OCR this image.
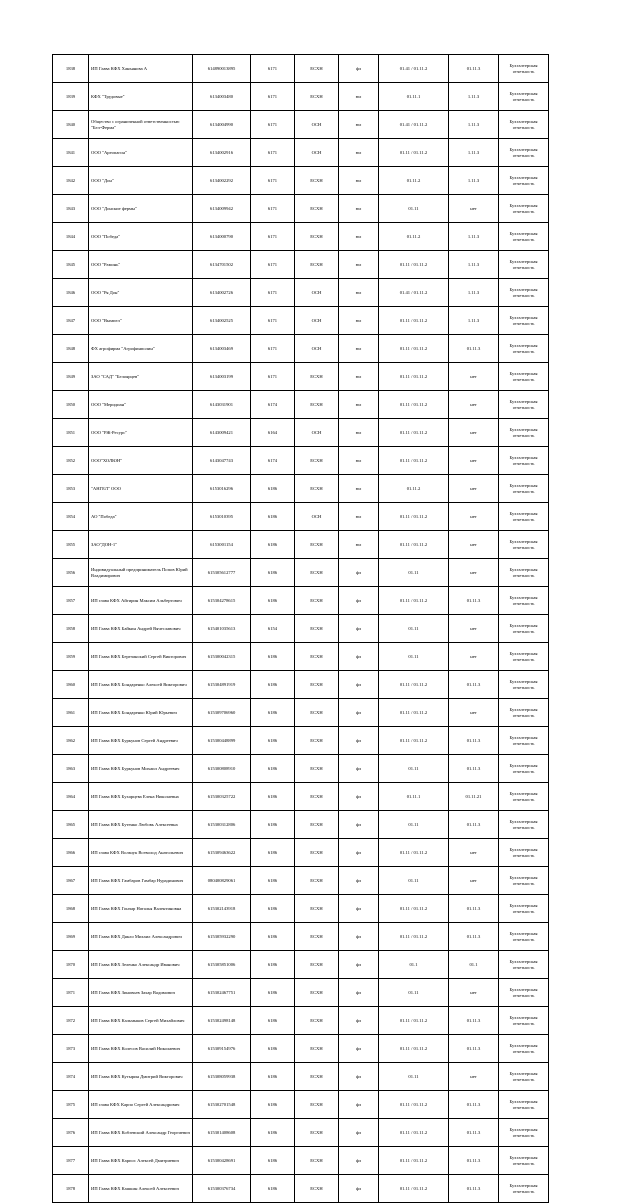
1838	ИП Глава КФХ Ханьянова А	614890013895	6171	ЕСХН	фл	01.41 / 01.11.2	01.11.3	Бухгалтерская отчетность
1839	КФХ "Трудовые"	6134003480	6171	ЕСХН	юл	01.11.1	1.11.3	Бухгалтерская отчетность
1840	Общество с ограниченной ответственностью "Бел-Ферма"	6134004990	6171	ОСН	юл	01.41 / 01.11.2	1.11.3	Бухгалтерская отчетность
1841	ООО "Ареопагон"	6134002916	6171	ОСН	юл	01.11 / 01.11.2	1.11.3	Бухгалтерская отчетность
1842	ООО "Дон"	6134002292	6171	ЕСХН	юл	01.11.2	1.11.3	Бухгалтерская отчетность
1843	ООО "Донские фермы"	6134009942	6171	ЕСХН	юл	01.11	нет	Бухгалтерская отчетность
1844	ООО "Победа"	6134000790	6171	ЕСХН	юл	01.11.2	1.11.3	Бухгалтерская отчетность
1845	ООО "Рамонь"	6134701502	6171	ЕСХН	юл	01.11 / 01.11.2	1.11.3	Бухгалтерская отчетность
1846	ООО "Ря Дон"	6134002726	6171	ОСН	юл	01.41 / 01.11.2	1.11.3	Бухгалтерская отчетность
1847	ООО "Вымпел"	6134002525	6171	ОСН	юл	01.11 / 01.11.2	1.11.3	Бухгалтерская отчетность
1848	ФХ агрофирма "Агрофинполин"	6134003469	6171	ОСН	юл	01.11 / 01.11.2	01.11.3	Бухгалтерская отчетность
1849	ЗАО "САД" "Белоярцев"	6134003199	6171	ЕСХН	юл	01.11 / 01.11.2	нет	Бухгалтерская отчетность
1850	ООО "Меридиан"	6143031901	6174	ЕСХН	юл	01.11 / 01.11.2	нет	Бухгалтерская отчетность
1851	ООО "РЖ-Ресурс"	6143009421	6164	ОСН	юл	01.11 / 01.11.2	нет	Бухгалтерская отчетность
1852	ООО"ХОЛЮН"	6143047743	6174	ЕСХН	юл	01.11 / 01.11.2	нет	Бухгалтерская отчетность
1853	"АНГЕЛ" ООО	6153016296	6186	ЕСХН	юл	01.11.2	нет	Бухгалтерская отчетность
1854	АО "Победа"	6153010395	6186	ОСН	юл	01.11 / 01.11.2	нет	Бухгалтерская отчетность
1855	ЗАО"ДОН-1"	6153001154	6186	ЕСХН	юл	01.11 / 01.11.2	нет	Бухгалтерская отчетность
1856	Индивидуальный предприниматель Попов Юрий Владимирович	615305612777	6186	ЕСХН	фл	01.11	нет	Бухгалтерская отчетность
1857	ИП глава КФХ Айгирин Максим Альбертович	615304278615	6186	ЕСХН	фл	01.11 / 01.11.2	01.11.3	Бухгалтерская отчетность
1858	ИП Глава КФХ Байкин Андрей Вячеславович	615401035613	6154	ЕСХН	фл	01.11	нет	Бухгалтерская отчетность
1859	ИП Глава КФХ Березинский Сергей Викторович	615300042315	6186	ЕСХН	фл	01.11	нет	Бухгалтерская отчетность
1860	ИП Глава КФХ Бондаренко Алексей Викторович	615304891919	6186	ЕСХН	фл	01.11 / 01.11.2	01.11.3	Бухгалтерская отчетность
1861	ИП Глава КФХ Бондаренко Юрий Юрьевич	615309706960	6186	ЕСХН	фл	01.11 / 01.11.2	нет	Бухгалтерская отчетность
1862	ИП Глава КФХ Буркунов Сергей Андреевич	615300448899	6186	ЕСХН	фл	01.11 / 01.11.2	01.11.3	Бухгалтерская отчетность
1863	ИП Глава КФХ Буркунов Михаил Андреевич	615300808910	6186	ЕСХН	фл	01.11	01.11.3	Бухгалтерская отчетность
1864	ИП Глава КФХ Бухарцева Елена Николаевна	615300325722	6186	ЕСХН	фл	01.11.1	01.11.21	Бухгалтерская отчетность
1865	ИП Глава КФХ Бутенко Любовь Алексеевна	615300312806	6186	ЕСХН	фл	01.11	01.11.3	Бухгалтерская отчетность
1866	ИП глава КФХ Вольчук Всеволод Анатольевич	615309463622	6186	ЕСХН	фл	01.11 / 01.11.2	нет	Бухгалтерская отчетность
1867	ИП Глава КФХ Гамбаров Гамбар Нурадинович	080400829061	6186	ЕСХН	фл	01.11	нет	Бухгалтерская отчетность
1868	ИП Глава КФХ Гончар Наталья Валентиновна	615302143918	6186	ЕСХН	фл	01.11 / 01.11.2	01.11.3	Бухгалтерская отчетность
1869	ИП Глава КФХ Дякло Михаил Александрович	615305932290	6186	ЕСХН	фл	01.11 / 01.11.2	01.11.3	Бухгалтерская отчетность
1870	ИП Глава КФХ Зеленко Александр Иванович	615305851006	6186	ЕСХН	фл	01.1	01.1	Бухгалтерская отчетность
1871	ИП Глава КФХ Зиновьев Захар Вадимович	615302467751	6186	ЕСХН	фл	01.11	нет	Бухгалтерская отчетность
1872	ИП Глава КФХ Кальмыков Сергей Михайлович	615302498148	6186	ЕСХН	фл	01.11 / 01.11.2	01.11.3	Бухгалтерская отчетность
1873	ИП Глава КФХ Колесов Василий Николаевич	615309154976	6186	ЕСХН	фл	01.11 / 01.11.2	01.11.3	Бухгалтерская отчетность
1874	ИП Глава КФХ Кутырин Дмитрий Викторович	615308059938	6186	ЕСХН	фл	01.11	нет	Бухгалтерская отчетность
1875	ИП глава КФХ Карпо Сергей Александрович	615302701548	6186	ЕСХН	фл	01.11 / 01.11.2	01.11.3	Бухгалтерская отчетность
1876	ИП Глава КФХ Кобзевский Александр Георгиевич	615301408608	6186	ЕСХН	фл	01.11 / 01.11.2	01.11.3	Бухгалтерская отчетность
1877	ИП Глава КФХ Карпос Алексей Дмитриевич	615300428691	6186	ЕСХН	фл	01.11 / 01.11.2	01.11.3	Бухгалтерская отчетность
1878	ИП Глава КФХ Кашкин Алексей Алексеевич	615300376734	6186	ЕСХН	фл	01.11 / 01.11.2	01.11.3	Бухгалтерская отчетность
